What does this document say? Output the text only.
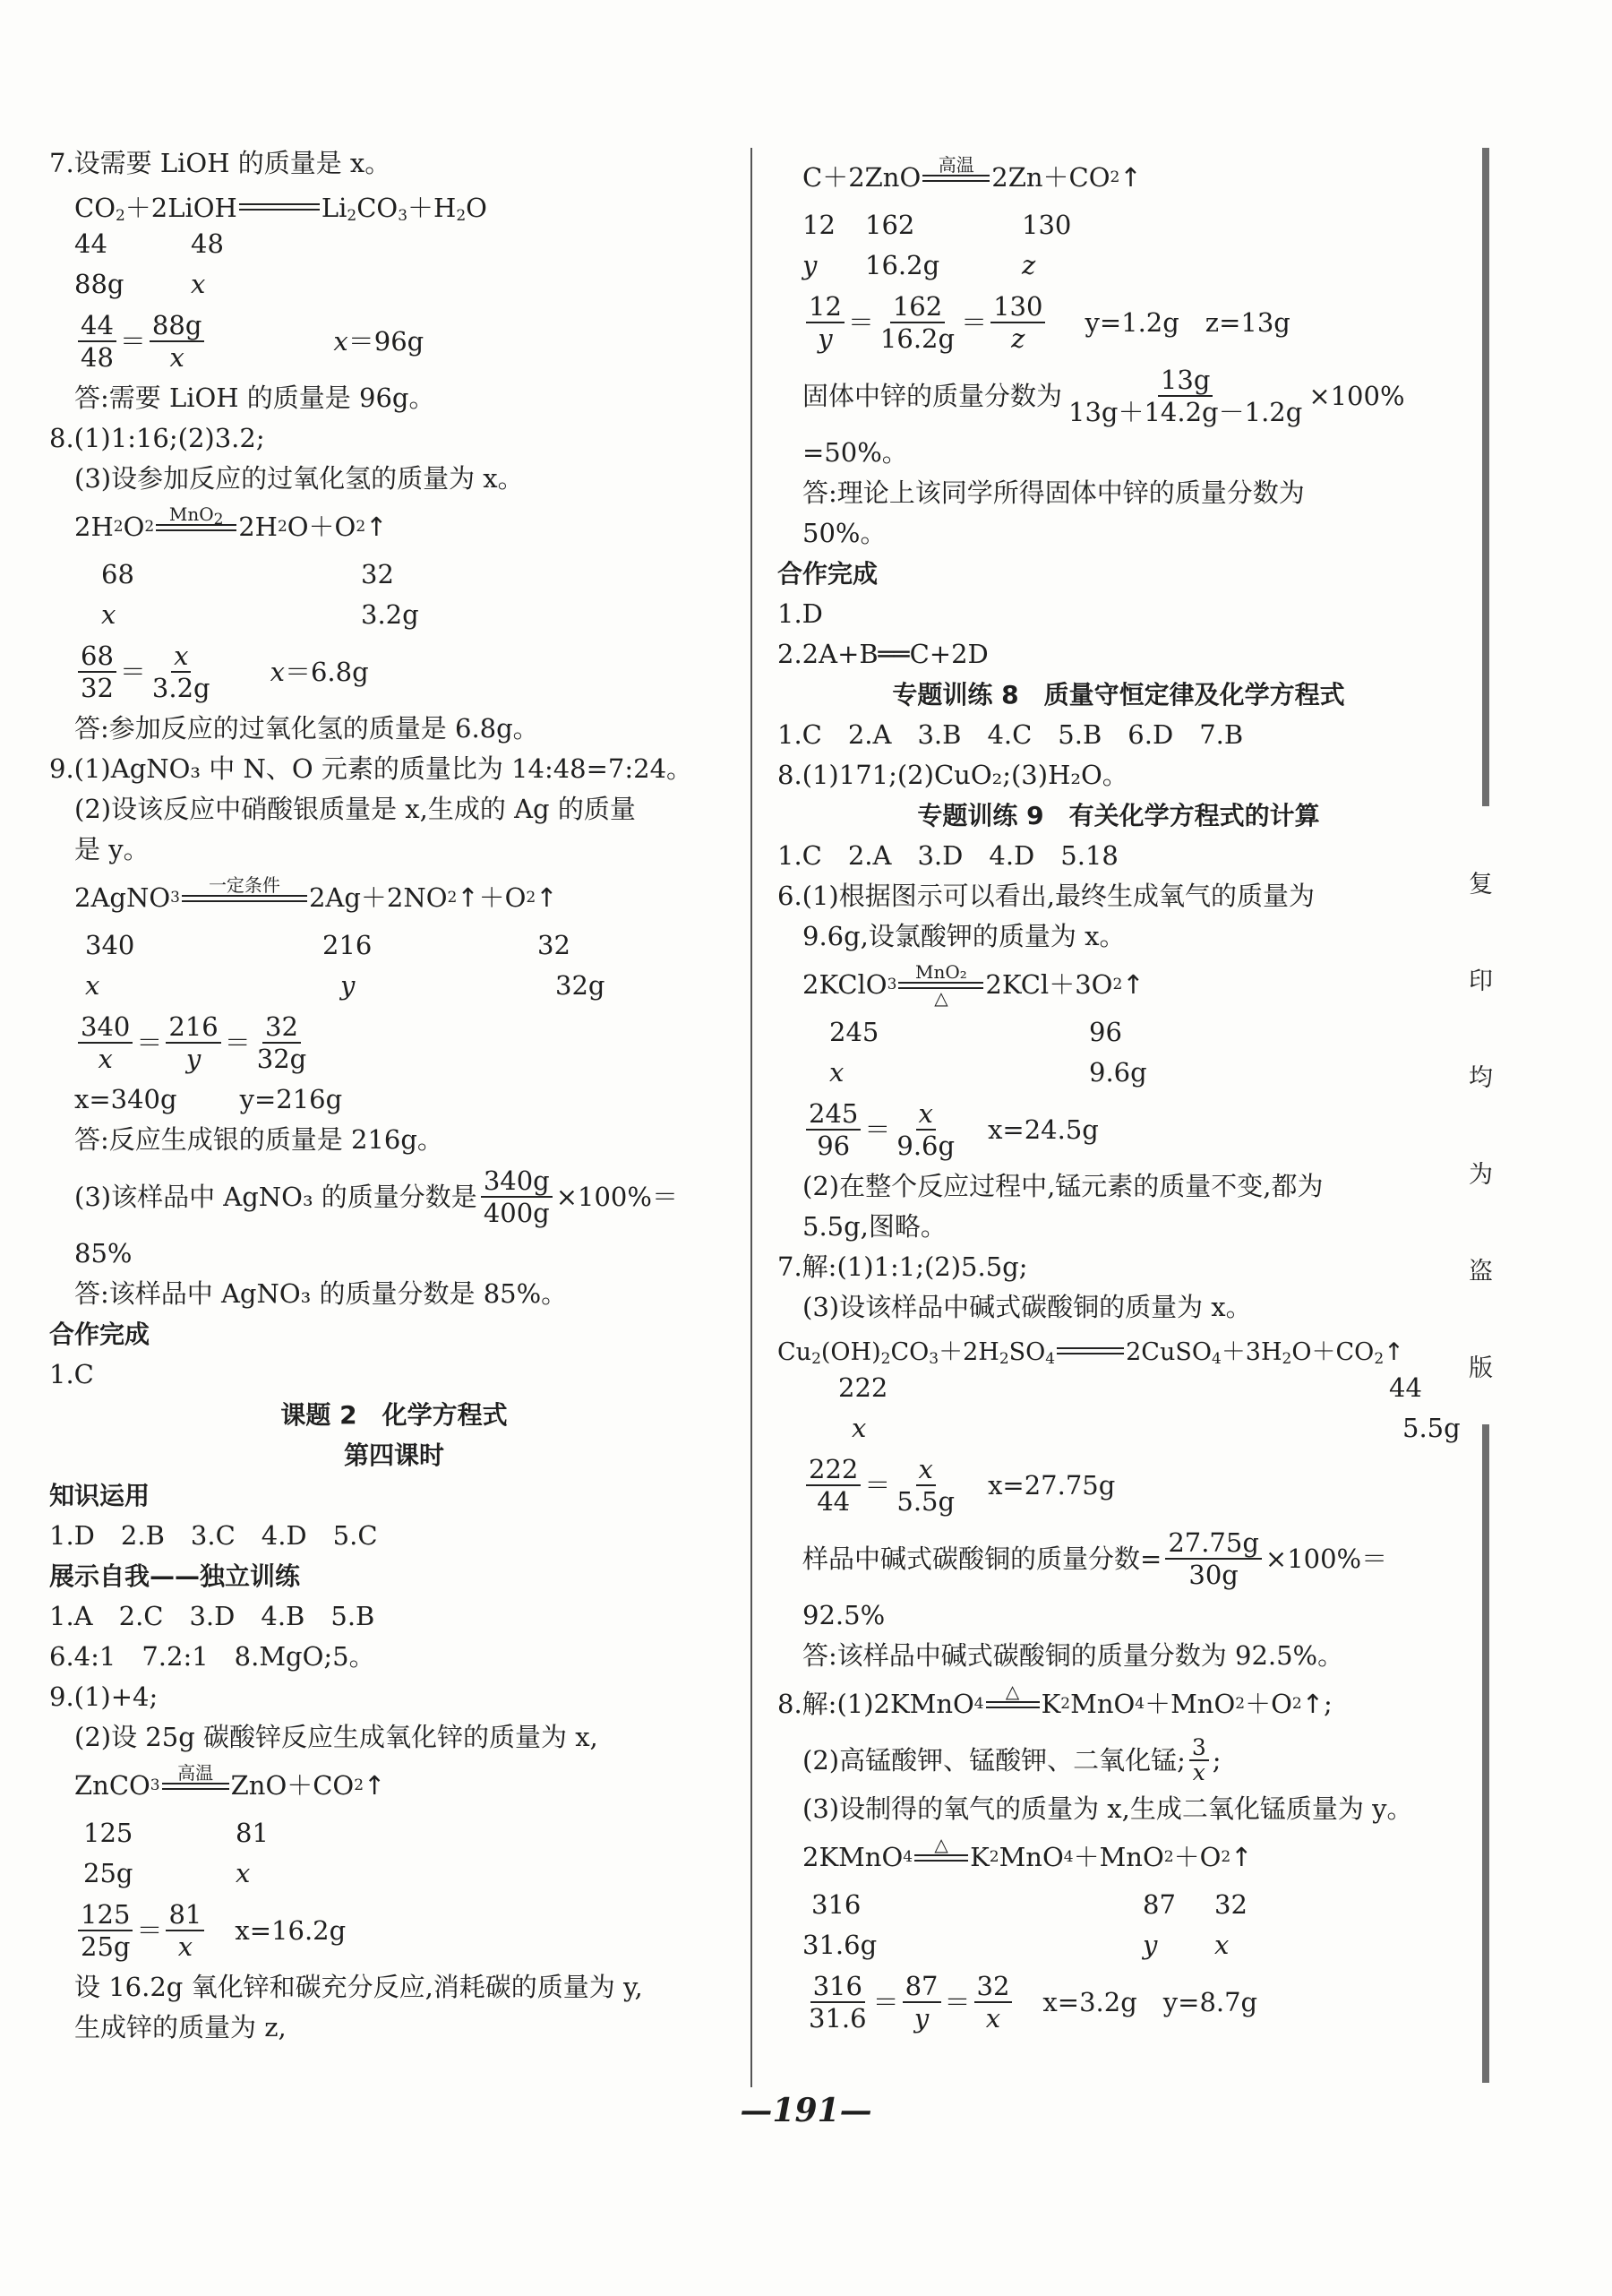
7.设需要 LiOH 的质量是 x。
$CO_2+2LiOH$	$Li_2CO_3+H_2O$
44	48
88g	x
44
48
＝
88g
x
x ＝96g
答:需要 LiOH 的质量是 96g。
8.(1)1:16;(2)3.2;
(3)设参加反应的过氧化氢的质量为 x。
2H 2 O 2
MnO$_2$ 2H 2 O＋O 2 ↑
68	32
x	3.2g
68
32
＝
x
3.2g
x ＝6.8g
答:参加反应的过氧化氢的质量是 6.8g。
9.(1)AgNO₃ 中 N、O 元素的质量比为 14:48=7:24。
(2)设该反应中硝酸银质量是 x,生成的 Ag 的质量
是 y。
2AgNO 3
一定条件 2Ag＋2NO 2 ↑ ＋O 2 ↑
340	216	32
x	y	32g
340
x
＝
216
y
＝
32
32g
x=340g y=216g
答:反应生成银的质量是 216g。
(3)该样品中 AgNO₃ 的质量分数是
340g
400g
×100%＝
85%
答:该样品中 AgNO₃ 的质量分数是 85%。
合作完成
1.C
课题 2　化学方程式
第四课时
知识运用
1.D　2.B　3.C　4.D　5.C
展示自我——独立训练
1.A　2.C　3.D　4.B　5.B
6.4:1　7.2:1　8.MgO;5。
9.(1)+4;
(2)设 25g 碳酸锌反应生成氧化锌的质量为 x,
ZnCO 3
高温 ZnO＋CO 2 ↑
125	81
25g	x
125
25g
＝
81
x
x=16.2g
设 16.2g 氧化锌和碳充分反应,消耗碳的质量为 y,
生成锌的质量为 z,
C＋2ZnO 高温 2Zn＋CO 2 ↑
12 162	130
y 16.2g	z
12
y
＝
162
16.2g
＝
130
z
y=1.2g　z=13g
固体中锌的质量分数为
13g
13g＋14.2g－1.2g
×100%
=50%。
答:理论上该同学所得固体中锌的质量分数为
50%。
合作完成
1.D
2.2A+B══C+2D
专题训练 8　质量守恒定律及化学方程式
1.C　2.A　3.B　4.C　5.B　6.D　7.B
8.(1)171;(2)CuO₂;(3)H₂O。
专题训练 9　有关化学方程式的计算
1.C　2.A　3.D　4.D　5.18
6.(1)根据图示可以看出,最终生成氧气的质量为
9.6g,设氯酸钾的质量为 x。
2KClO 3
MnO₂
△ 2KCl＋3O 2 ↑
245	96
x	9.6g
245
96
＝
x
9.6g
x=24.5g
(2)在整个反应过程中,锰元素的质量不变,都为
5.5g,图略。
7.解:(1)1:1;(2)5.5g;
(3)设该样品中碱式碳酸铜的质量为 x。
$Cu_2(OH)_2CO_3+2H_2SO_4$	$2CuSO_4+3H_2O+CO_2↑$
222	44
x	5.5g
222
44
＝
x
5.5g
x=27.75g
样品中碱式碳酸铜的质量分数= $\frac{27.75g}{30g} \times 100\%=$
92.5%
答:该样品中碱式碳酸铜的质量分数为 92.5%。
8.解:(1) 2KMnO 4
△ K 2 MnO 4 ＋MnO 2 ＋O 2 ↑ ;
(2)高锰酸钾、锰酸钾、二氧化锰; 3
x ;
(3)设制得的氧气的质量为 x,生成二氧化锰质量为 y。
2KMnO 4
△ K 2 MnO 4 ＋MnO 2 ＋O 2 ↑
316	87 32
31.6g	y x
316
31.6
＝
87
y
＝
32
x
x=3.2g　y=8.7g
复
印
均
为
盗
版
—191—
